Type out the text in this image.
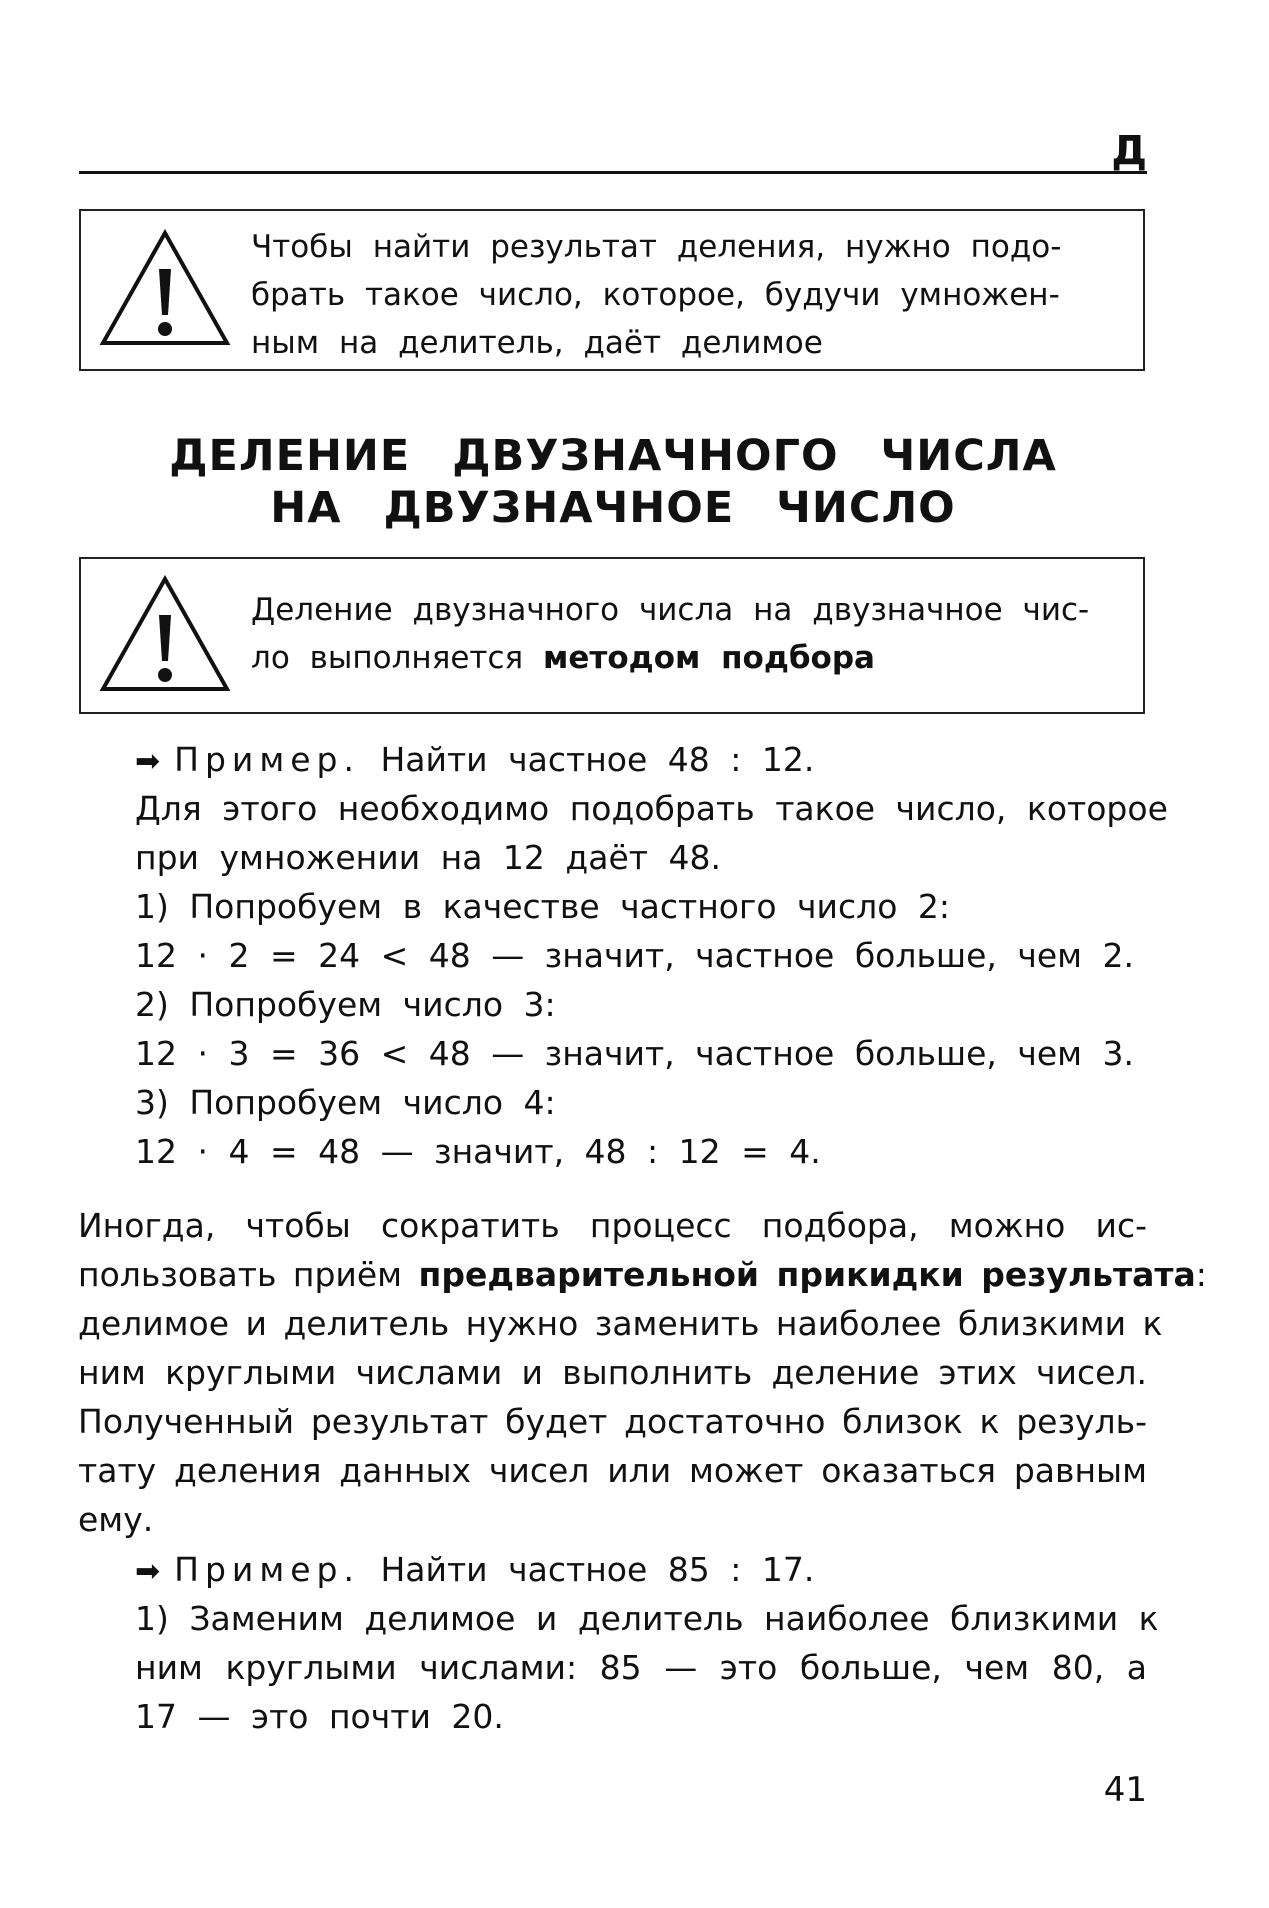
Д
Чтобы найти результат деления, нужно подо-
брать такое число, которое, будучи умножен-
ным на делитель, даёт делимое
ДЕЛЕНИЕ ДВУЗНАЧНОГО ЧИСЛА
НА ДВУЗНАЧНОЕ ЧИСЛО
Деление двузначного числа на двузначное чис-
ло выполняется методом подбора
➡ Пример. Найти частное 48 : 12.
Для этого необходимо подобрать такое число, которое
при умножении на 12 даёт 48.
1) Попробуем в качестве частного число 2:
12 · 2 = 24 < 48 — значит, частное больше, чем 2.
2) Попробуем число 3:
12 · 3 = 36 < 48 — значит, частное больше, чем 3.
3) Попробуем число 4:
12 · 4 = 48 — значит, 48 : 12 = 4.
Иногда, чтобы сократить процесс подбора, можно ис-
пользовать приём предварительной прикидки результата:
делимое и делитель нужно заменить наиболее близкими к
ним круглыми числами и выполнить деление этих чисел.
Полученный результат будет достаточно близок к резуль-
тату деления данных чисел или может оказаться равным
ему.
➡ Пример. Найти частное 85 : 17.
1) Заменим делимое и делитель наиболее близкими к
ним круглыми числами: 85 — это больше, чем 80, а
17 — это почти 20.
41
